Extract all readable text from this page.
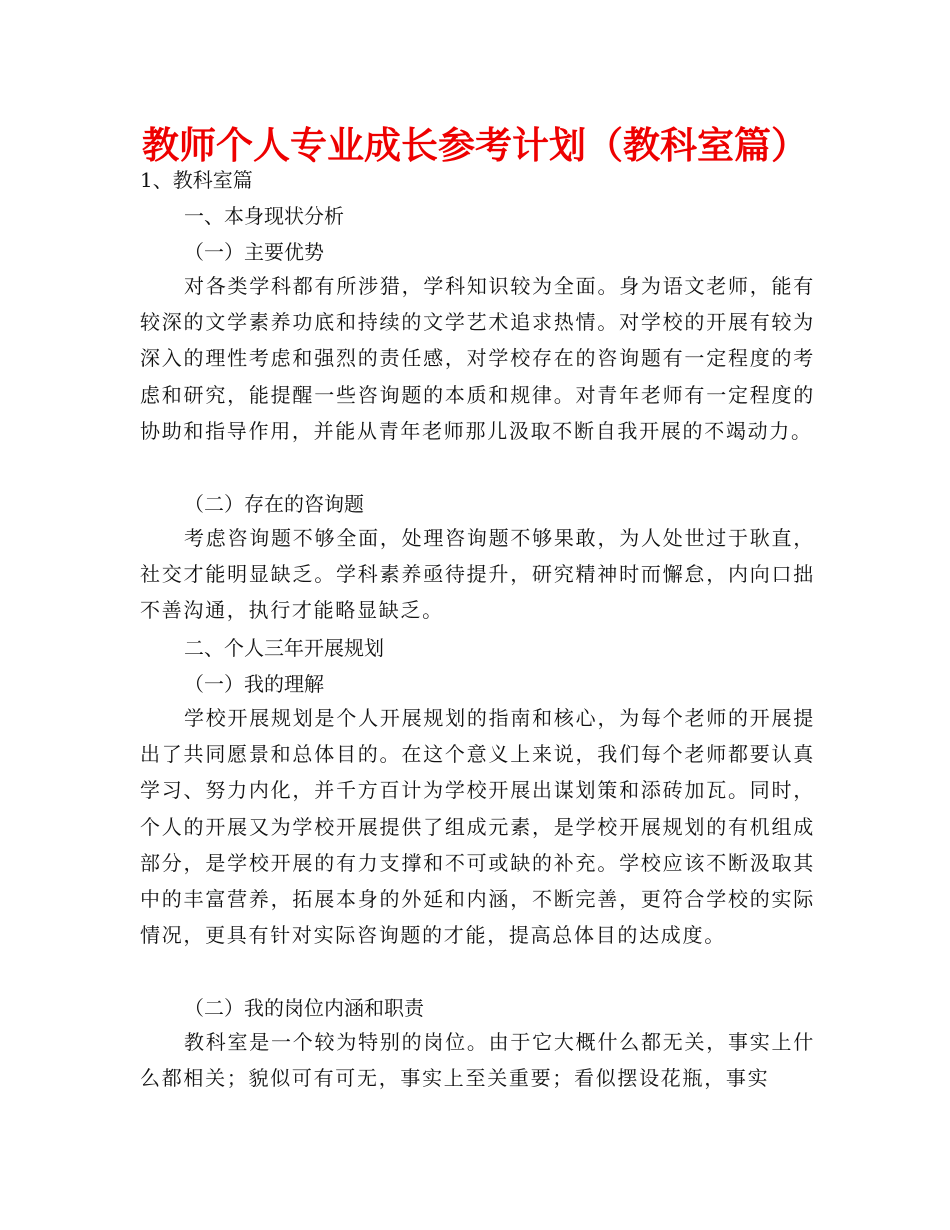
教师个人专业成长参考计划（教科室篇）

1、教科室篇

一、本身现状分析

（一）主要优势

对各类学科都有所涉猎，学科知识较为全面。身为语文老师，能有较深的文学素养功底和持续的文学艺术追求热情。对学校的开展有较为深入的理性考虑和强烈的责任感，对学校存在的咨询题有一定程度的考虑和研究，能提醒一些咨询题的本质和规律。对青年老师有一定程度的协助和指导作用，并能从青年老师那儿汲取不断自我开展的不竭动力。

（二）存在的咨询题

考虑咨询题不够全面，处理咨询题不够果敢，为人处世过于耿直，社交才能明显缺乏。学科素养亟待提升，研究精神时而懈怠，内向口拙不善沟通，执行才能略显缺乏。

二、个人三年开展规划

（一）我的理解

学校开展规划是个人开展规划的指南和核心，为每个老师的开展提出了共同愿景和总体目的。在这个意义上来说，我们每个老师都要认真学习、努力内化，并千方百计为学校开展出谋划策和添砖加瓦。同时，个人的开展又为学校开展提供了组成元素，是学校开展规划的有机组成部分，是学校开展的有力支撑和不可或缺的补充。学校应该不断汲取其中的丰富营养，拓展本身的外延和内涵，不断完善，更符合学校的实际情况，更具有针对实际咨询题的才能，提高总体目的达成度。

（二）我的岗位内涵和职责

教科室是一个较为特别的岗位。由于它大概什么都无关，事实上什么都相关；貌似可有可无，事实上至关重要；看似摆设花瓶，事实
